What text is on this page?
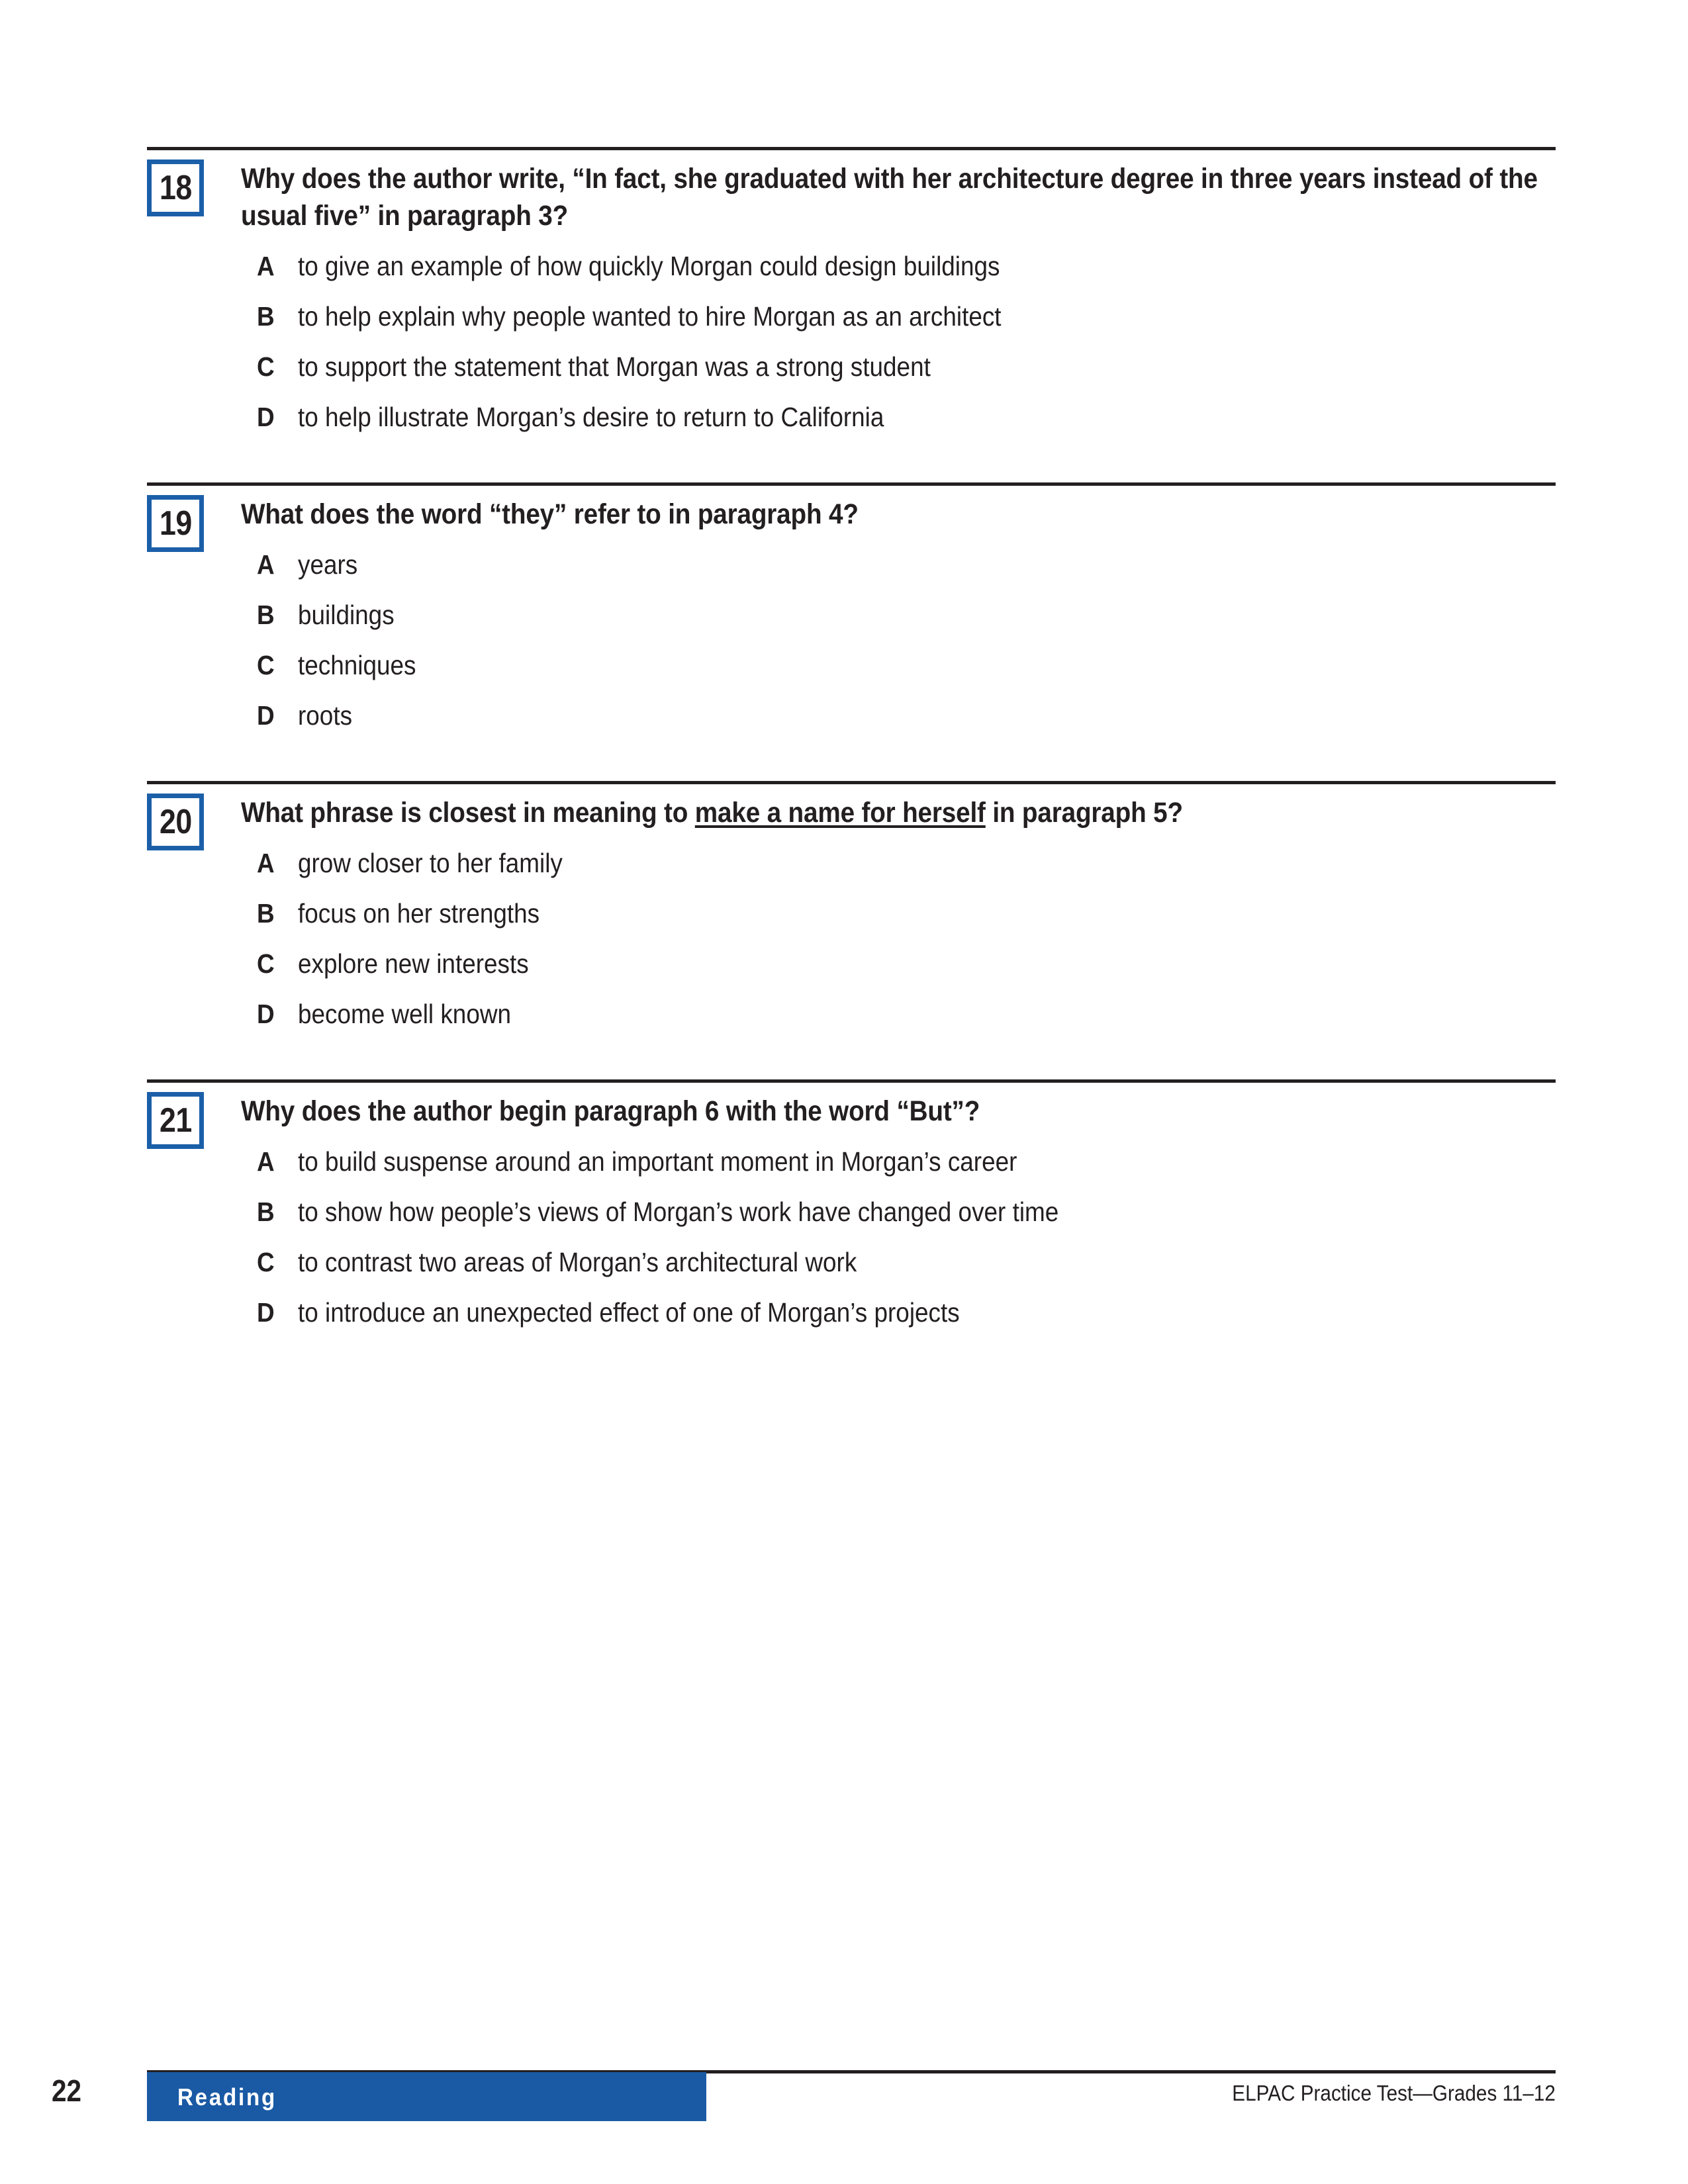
18 Why does the author write, “In fact, she graduated with her architecture degree in three years instead of the usual five” in paragraph 3?
A to give an example of how quickly Morgan could design buildings
B to help explain why people wanted to hire Morgan as an architect
C to support the statement that Morgan was a strong student
D to help illustrate Morgan’s desire to return to California
19 What does the word “they” refer to in paragraph 4?
A years
B buildings
C techniques
D roots
20 What phrase is closest in meaning to make a name for herself in paragraph 5?
A grow closer to her family
B focus on her strengths
C explore new interests
D become well known
21 Why does the author begin paragraph 6 with the word “But”?
A to build suspense around an important moment in Morgan’s career
B to show how people’s views of Morgan’s work have changed over time
C to contrast two areas of Morgan’s architectural work
D to introduce an unexpected effect of one of Morgan’s projects
22	Reading	ELPAC Practice Test—Grades 11–12
